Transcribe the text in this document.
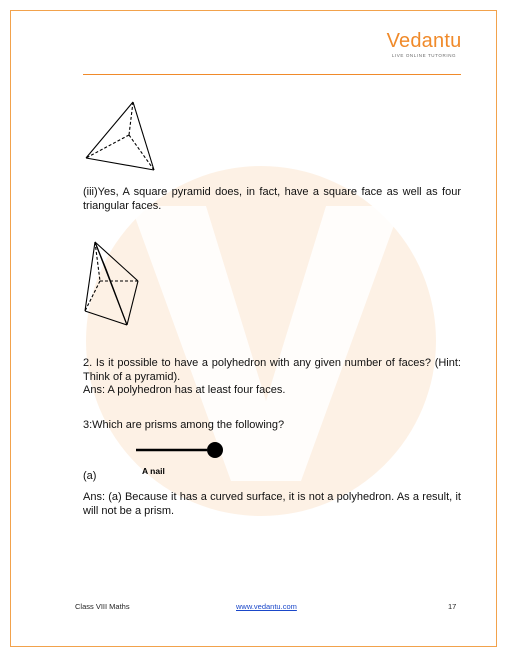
Vedantu
LIVE ONLINE TUTORING

(iii)Yes, A square pyramid does, in fact, have a square face as well as four triangular faces.

2. Is it possible to have a polyhedron with any given number of faces? (Hint: Think of a pyramid).

Ans: A polyhedron has at least four faces.

3:Which are prisms among the following?

A nail

(a)

Ans: (a) Because it has a curved surface, it is not a polyhedron. As a result, it will not be a prism.

Class VIII Maths	www.vedantu.com	17
